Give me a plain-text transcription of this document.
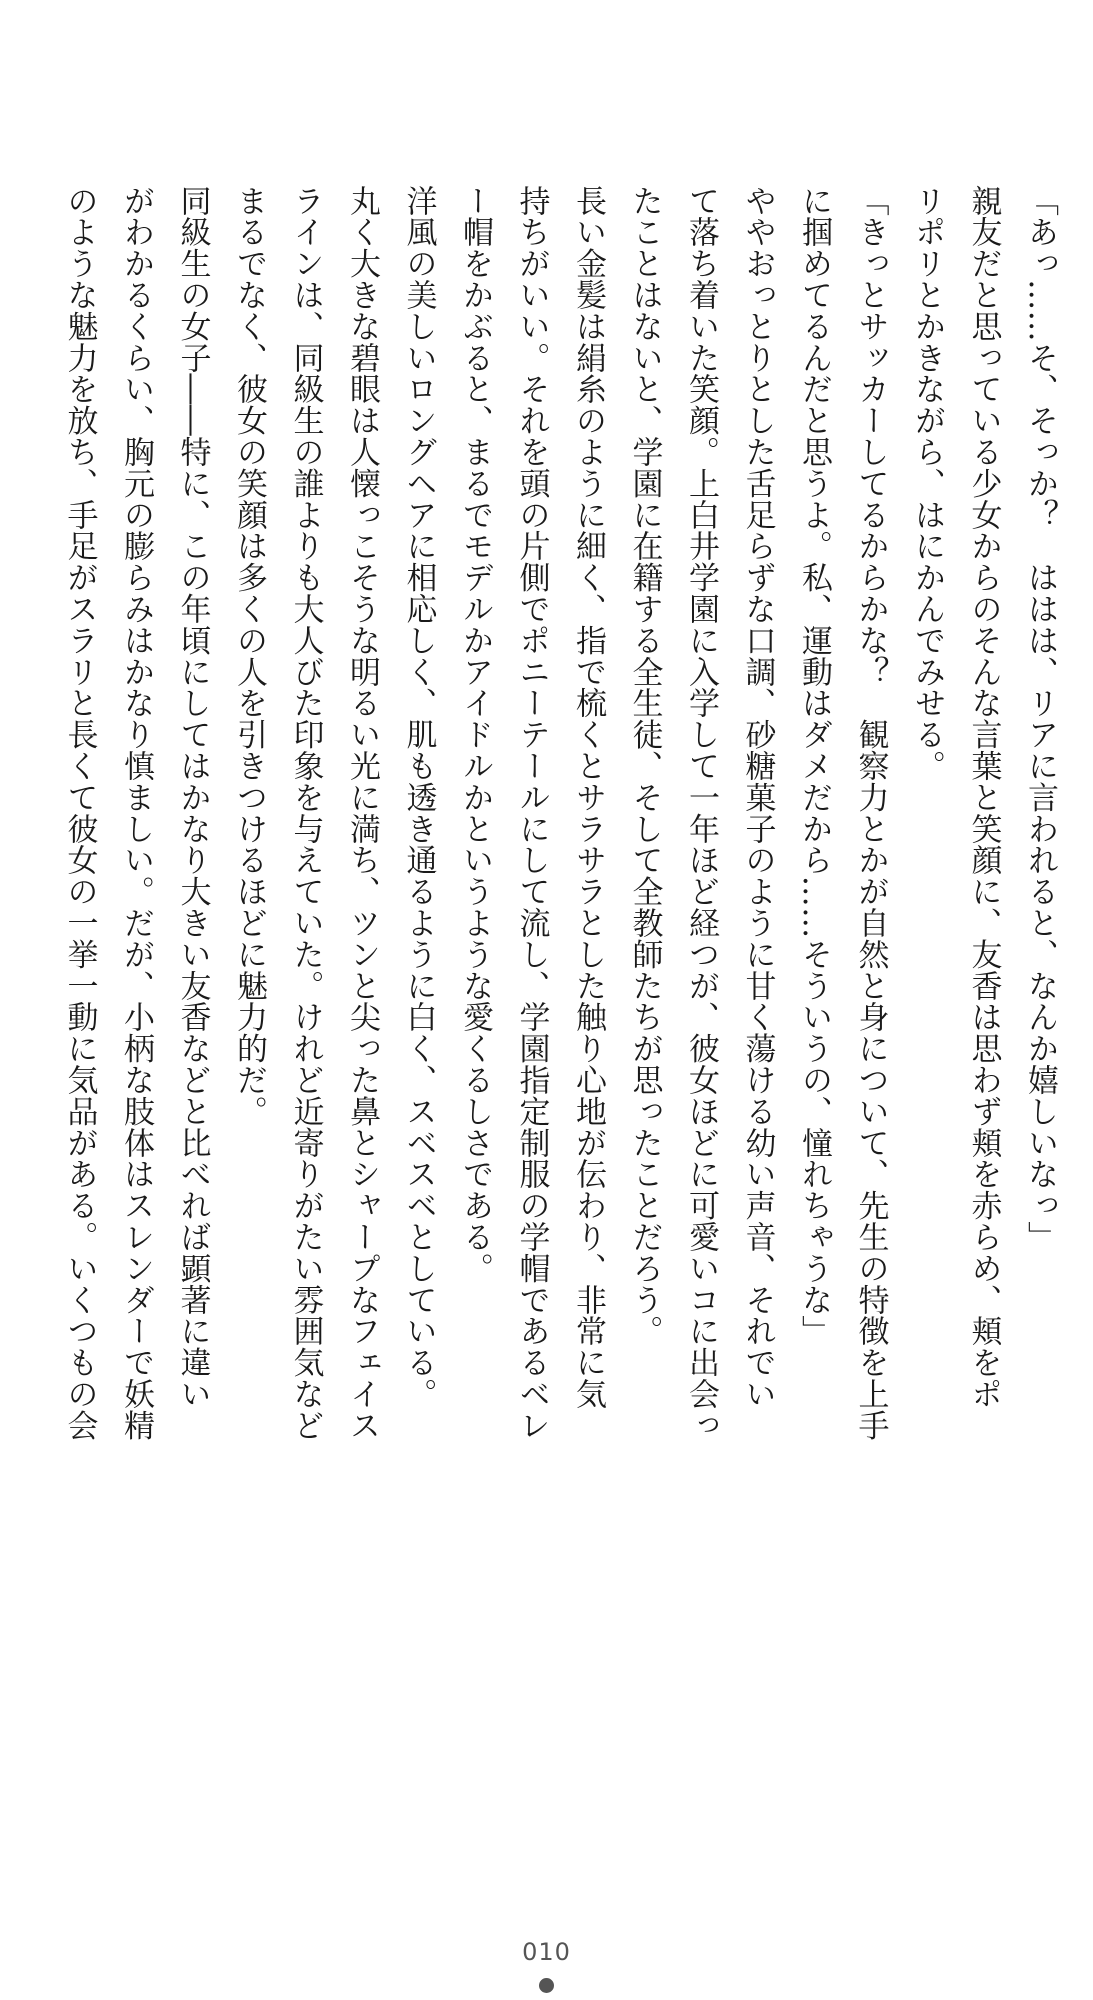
「あっ……そ、そっか？　ははは、リアに言われると、なんか嬉しいなっ」
親友だと思っている少女からのそんな言葉と笑顔に、友香は思わず頬を赤らめ、頬をポ
リポリとかきながら、はにかんでみせる。
「きっとサッカーしてるからかな？　観察力とかが自然と身について、先生の特徴を上手
に掴めてるんだと思うよ。私、運動はダメだから……そういうの、憧れちゃうな」
ややおっとりとした舌足らずな口調、砂糖菓子のように甘く蕩ける幼い声音、それでい
て落ち着いた笑顔。上白井学園に入学して一年ほど経つが、彼女ほどに可愛いコに出会っ
たことはないと、学園に在籍する全生徒、そして全教師たちが思ったことだろう。
長い金髪は絹糸のように細く、指で梳くとサラサラとした触り心地が伝わり、非常に気
持ちがいい。それを頭の片側でポニーテールにして流し、学園指定制服の学帽であるベレ
ー帽をかぶると、まるでモデルかアイドルかというような愛くるしさである。
洋風の美しいロングヘアに相応しく、肌も透き通るように白く、スベスベとしている。
丸く大きな碧眼は人懐っこそうな明るい光に満ち、ツンと尖った鼻とシャープなフェイス
ラインは、同級生の誰よりも大人びた印象を与えていた。けれど近寄りがたい雰囲気など
まるでなく、彼女の笑顔は多くの人を引きつけるほどに魅力的だ。
同級生の女子――特に、この年頃にしてはかなり大きい友香などと比べれば顕著に違い
がわかるくらい、胸元の膨らみはかなり慎ましい。だが、小柄な肢体はスレンダーで妖精
のような魅力を放ち、手足がスラリと長くて彼女の一挙一動に気品がある。いくつもの会
010
